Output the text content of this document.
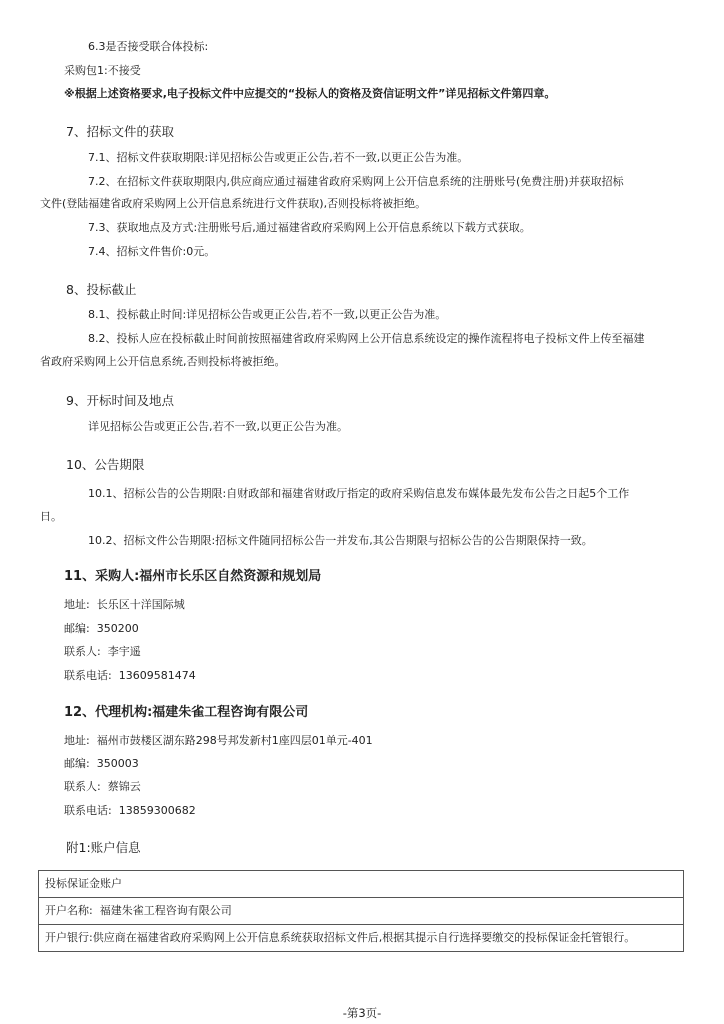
6.3是否接受联合体投标:
采购包1:不接受
※根据上述资格要求,电子投标文件中应提交的“投标人的资格及资信证明文件”详见招标文件第四章。
7、招标文件的获取
7.1、招标文件获取期限:详见招标公告或更正公告,若不一致,以更正公告为准。
7.2、在招标文件获取期限内,供应商应通过福建省政府采购网上公开信息系统的注册账号(免费注册)并获取招标
文件(登陆福建省政府采购网上公开信息系统进行文件获取),否则投标将被拒绝。
7.3、获取地点及方式:注册账号后,通过福建省政府采购网上公开信息系统以下载方式获取。
7.4、招标文件售价:0元。
8、投标截止
8.1、投标截止时间:详见招标公告或更正公告,若不一致,以更正公告为准。
8.2、投标人应在投标截止时间前按照福建省政府采购网上公开信息系统设定的操作流程将电子投标文件上传至福建
省政府采购网上公开信息系统,否则投标将被拒绝。
9、开标时间及地点
详见招标公告或更正公告,若不一致,以更正公告为准。
10、公告期限
10.1、招标公告的公告期限:自财政部和福建省财政厅指定的政府采购信息发布媒体最先发布公告之日起5个工作
日。
10.2、招标文件公告期限:招标文件随同招标公告一并发布,其公告期限与招标公告的公告期限保持一致。
11、采购人:福州市长乐区自然资源和规划局
地址: 长乐区十洋国际城
邮编: 350200
联系人: 李宇遥
联系电话: 13609581474
12、代理机构:福建朱雀工程咨询有限公司
地址: 福州市鼓楼区湖东路298号邦发新村1座四层01单元-401
邮编: 350003
联系人: 蔡锦云
联系电话: 13859300682
附1:账户信息
投标保证金账户
开户名称: 福建朱雀工程咨询有限公司
开户银行:供应商在福建省政府采购网上公开信息系统获取招标文件后,根据其提示自行选择要缴交的投标保证金托管银行。
-第3页-
